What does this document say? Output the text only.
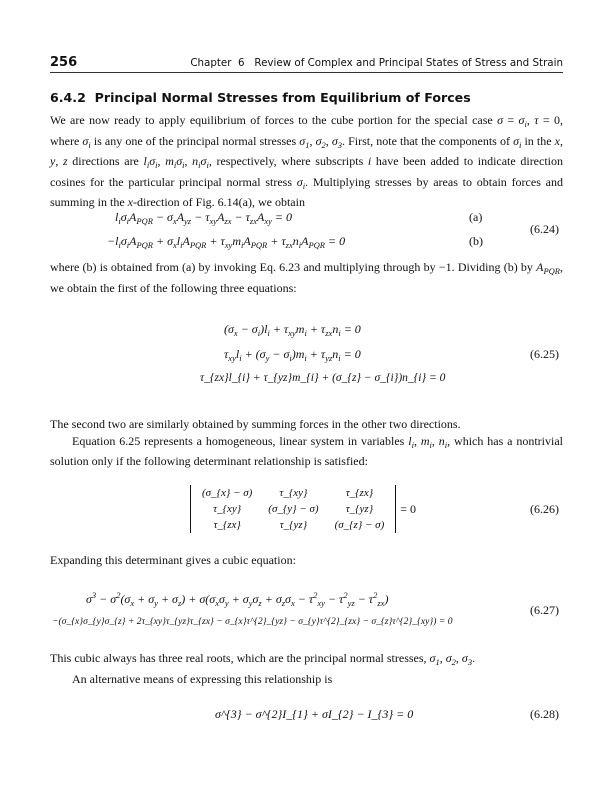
256	Chapter  6   Review of Complex and Principal States of Stress and Strain
6.4.2  Principal Normal Stresses from Equilibrium of Forces

We are now ready to apply equilibrium of forces to the cube portion for the special case $\sigma = \sigma_i$, τ = 0, where $\sigma_i$ is any one of the principal normal stresses $\sigma_1$, $\sigma_2$, $\sigma_3$. First, note that the components of $\sigma_i$ in the x, y, z directions are $l_i\sigma_i$, $m_i\sigma_i$, $n_i\sigma_i$, respectively, where subscripts i have been added to indicate direction cosines for the particular principal normal stress $\sigma_i$. Multiplying stresses by areas to obtain forces and summing in the x-direction of Fig. 6.14(a), we obtain

$l_i\sigma_iA_{PQR} - \sigma_xA_{yz} - \tau_{xy}A_{zx} - \tau_{zx}A_{xy} = 0$
$-l_i\sigma_iA_{PQR} + \sigma_xl_iA_{PQR} + \tau_{xy}m_iA_{PQR} + \tau_{zx}n_iA_{PQR} = 0$
(a)
(b)
(6.24)

where (b) is obtained from (a) by invoking Eq. 6.23 and multiplying through by −1. Dividing (b) by $A_{PQR}$, we obtain the first of the following three equations:

$(\sigma_x - \sigma_i)l_i + \tau_{xy}m_i + \tau_{zx}n_i = 0$
$\tau_{xy}l_i + (\sigma_y - \sigma_i)m_i + \tau_{yz}n_i = 0$
τ_{zx}l_{i} + τ_{yz}m_{i} + (σ_{z} − σ_{i})n_{i} = 0
(6.25)

The second two are similarly obtained by summing forces in the other two directions.

Equation 6.25 represents a homogeneous, linear system in variables $l_i$, $m_i$, $n_i$, which has a nontrivial solution only if the following determinant relationship is satisfied:

(σ_{x} − σ)	τ_{xy}	τ_{zx}
τ_{xy}	(σ_{y} − σ)	τ_{yz}
τ_{zx}	τ_{yz}	(σ_{z} − σ)
= 0	(6.26)

Expanding this determinant gives a cubic equation:

$\sigma^3 - \sigma^2(\sigma_x + \sigma_y + \sigma_z) + \sigma(\sigma_x\sigma_y + \sigma_y\sigma_z + \sigma_z\sigma_x - \tau^2_{xy} - \tau^2_{yz} - \tau^2_{zx})$
−(σ_{x}σ_{y}σ_{z} + 2τ_{xy}τ_{yz}τ_{zx} − σ_{x}τ^{2}_{yz} − σ_{y}τ^{2}_{zx} − σ_{z}τ^{2}_{xy}) = 0
(6.27)

This cubic always has three real roots, which are the principal normal stresses, $\sigma_1$, $\sigma_2$, $\sigma_3$.

An alternative means of expressing this relationship is

σ^{3} − σ^{2}I_{1} + σI_{2} − I_{3} = 0	(6.28)
